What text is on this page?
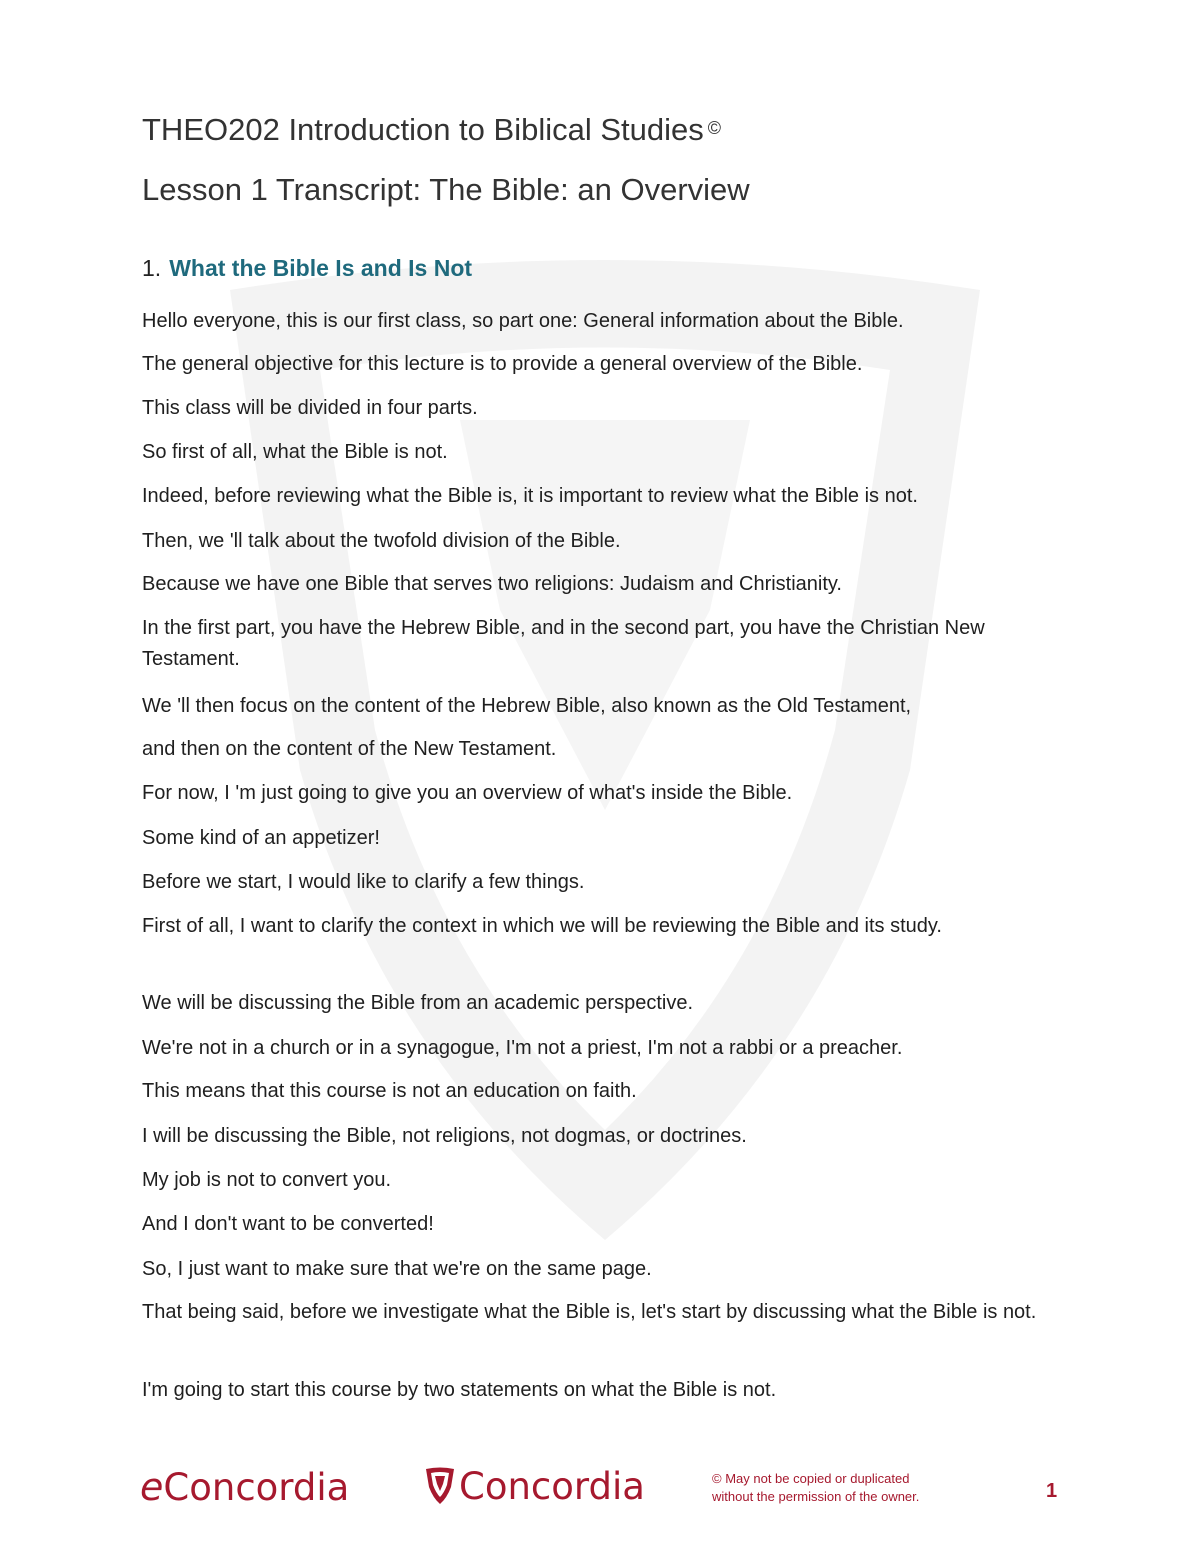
THEO202 Introduction to Biblical Studies ©
Lesson 1 Transcript: The Bible: an Overview
1. What the Bible Is and Is Not
Hello everyone, this is our first class, so part one: General information about the Bible.
The general objective for this lecture is to provide a general overview of the Bible.
This class will be divided in four parts.
So first of all, what the Bible is not.
Indeed, before reviewing what the Bible is, it is important to review what the Bible is not.
Then, we 'll talk about the twofold division of the Bible.
Because we have one Bible that serves two religions: Judaism and Christianity.
In the first part, you have the Hebrew Bible, and in the second part, you have the Christian New Testament.
We 'll then focus on the content of the Hebrew Bible, also known as the Old Testament,
and then on the content of the New Testament.
For now, I 'm just going to give you an overview of what's inside the Bible.
Some kind of an appetizer!
Before we start, I would like to clarify a few things.
First of all, I want to clarify the context in which we will be reviewing the Bible and its study.
We will be discussing the Bible from an academic perspective.
We're not in a church or in a synagogue, I'm not a priest, I'm not a rabbi or a preacher.
This means that this course is not an education on faith.
I will be discussing the Bible, not religions, not dogmas, or doctrines.
My job is not to convert you.
And I don't want to be converted!
So, I just want to make sure that we're on the same page.
That being said, before we investigate what the Bible is, let's start by discussing what the Bible is not.
I'm going to start this course by two statements on what the Bible is not.
eConcordia	Concordia	© May not be copied or duplicated
without the permission of the owner.	1
